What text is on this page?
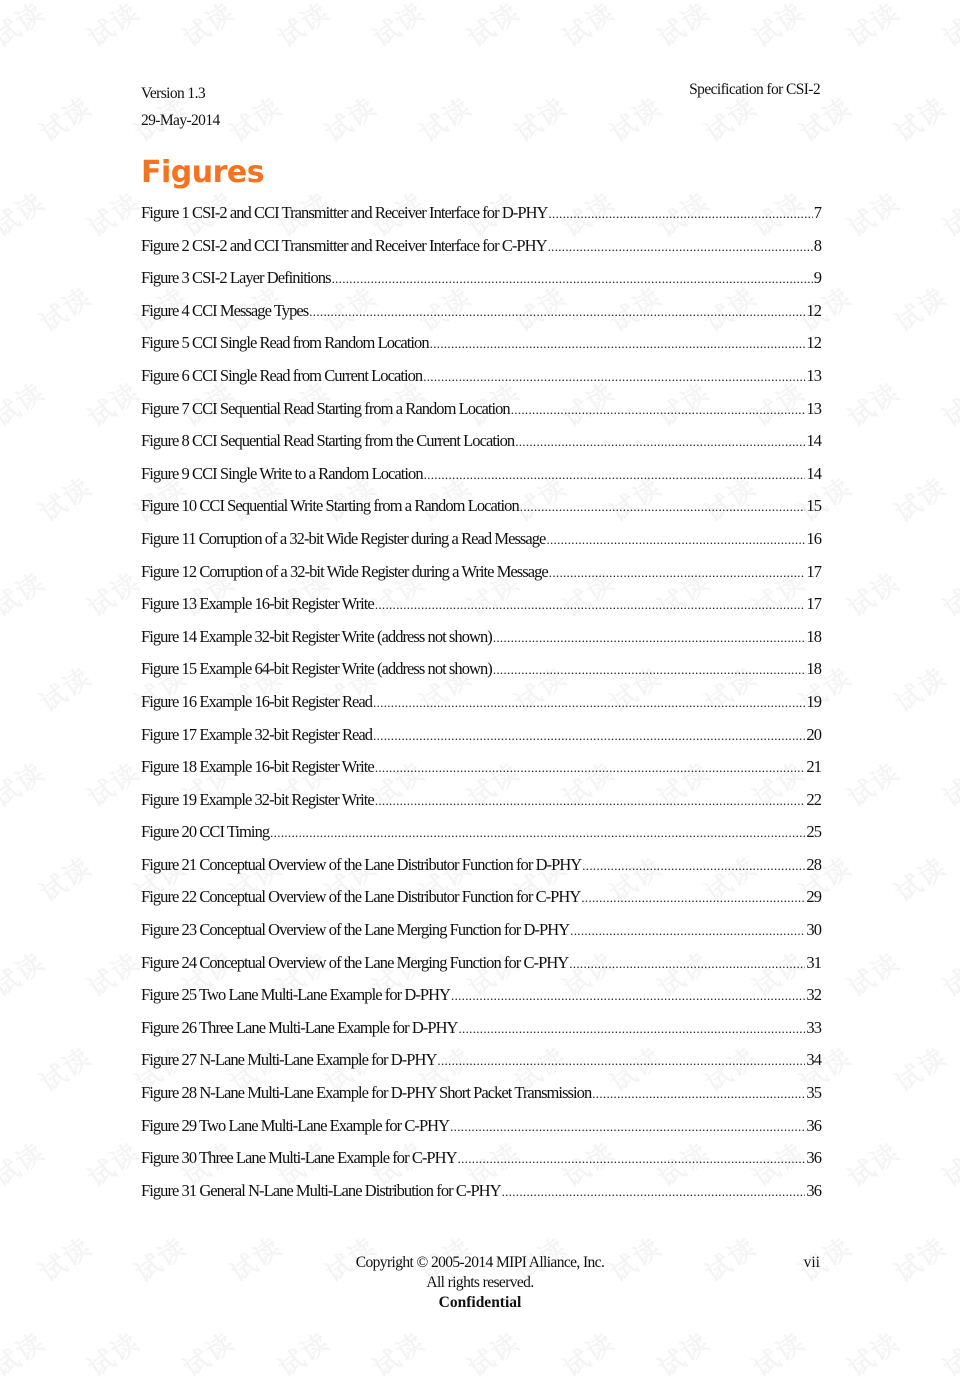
Version 1.3
29-May-2014
Specification for CSI-2
Figures
Figure 1 CSI-2 and CCI Transmitter and Receiver Interface for D-PHY .....	7
Figure 2 CSI-2 and CCI Transmitter and Receiver Interface for C-PHY .....	8
Figure 3 CSI-2 Layer Definitions .....	9
Figure 4 CCI Message Types .....	12
Figure 5 CCI Single Read from Random Location .....	12
Figure 6 CCI Single Read from Current Location .....	13
Figure 7 CCI Sequential Read Starting from a Random Location .....	13
Figure 8 CCI Sequential Read Starting from the Current Location .....	14
Figure 9 CCI Single Write to a Random Location .....	14
Figure 10 CCI Sequential Write Starting from a Random Location .....	15
Figure 11 Corruption of a 32-bit Wide Register during a Read Message .....	16
Figure 12 Corruption of a 32-bit Wide Register during a Write Message .....	17
Figure 13 Example 16-bit Register Write .....	17
Figure 14 Example 32-bit Register Write (address not shown) .....	18
Figure 15 Example 64-bit Register Write (address not shown) .....	18
Figure 16 Example 16-bit Register Read .....	19
Figure 17 Example 32-bit Register Read .....	20
Figure 18 Example 16-bit Register Write .....	21
Figure 19 Example 32-bit Register Write .....	22
Figure 20 CCI Timing .....	25
Figure 21 Conceptual Overview of the Lane Distributor Function for D-PHY .....	28
Figure 22 Conceptual Overview of the Lane Distributor Function for C-PHY .....	29
Figure 23 Conceptual Overview of the Lane Merging Function for D-PHY .....	30
Figure 24 Conceptual Overview of the Lane Merging Function for C-PHY .....	31
Figure 25 Two Lane Multi-Lane Example for D-PHY .....	32
Figure 26 Three Lane Multi-Lane Example for D-PHY .....	33
Figure 27 N-Lane Multi-Lane Example for D-PHY .....	34
Figure 28 N-Lane Multi-Lane Example for D-PHY Short Packet Transmission .....	35
Figure 29 Two Lane Multi-Lane Example for C-PHY .....	36
Figure 30 Three Lane Multi-Lane Example for C-PHY .....	36
Figure 31 General N-Lane Multi-Lane Distribution for C-PHY .....	36
Copyright © 2005-2014 MIPI Alliance, Inc.
All rights reserved.
Confidential
vii
